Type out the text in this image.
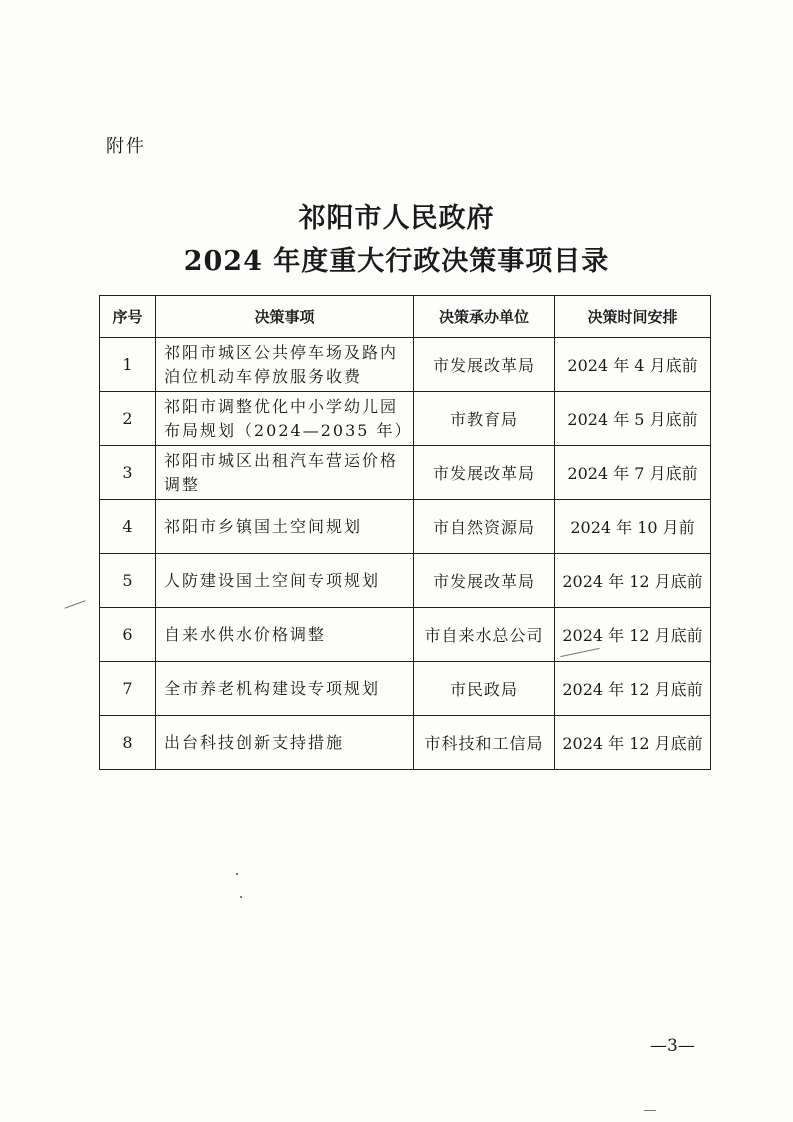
附件
祁阳市人民政府
2024 年度重大行政决策事项目录
序号	决策事项	决策承办单位	决策时间安排
1	祁阳市城区公共停车场及路内泊位机动车停放服务收费	市发展改革局	2024 年 4 月底前
2	祁阳市调整优化中小学幼儿园布局规划（2024—2035 年）	市教育局	2024 年 5 月底前
3	祁阳市城区出租汽车营运价格调整	市发展改革局	2024 年 7 月底前
4	祁阳市乡镇国土空间规划	市自然资源局	2024 年 10 月前
5	人防建设国土空间专项规划	市发展改革局	2024 年 12 月底前
6	自来水供水价格调整	市自来水总公司	2024 年 12 月底前
7	全市养老机构建设专项规划	市民政局	2024 年 12 月底前
8	出台科技创新支持措施	市科技和工信局	2024 年 12 月底前
—3—
